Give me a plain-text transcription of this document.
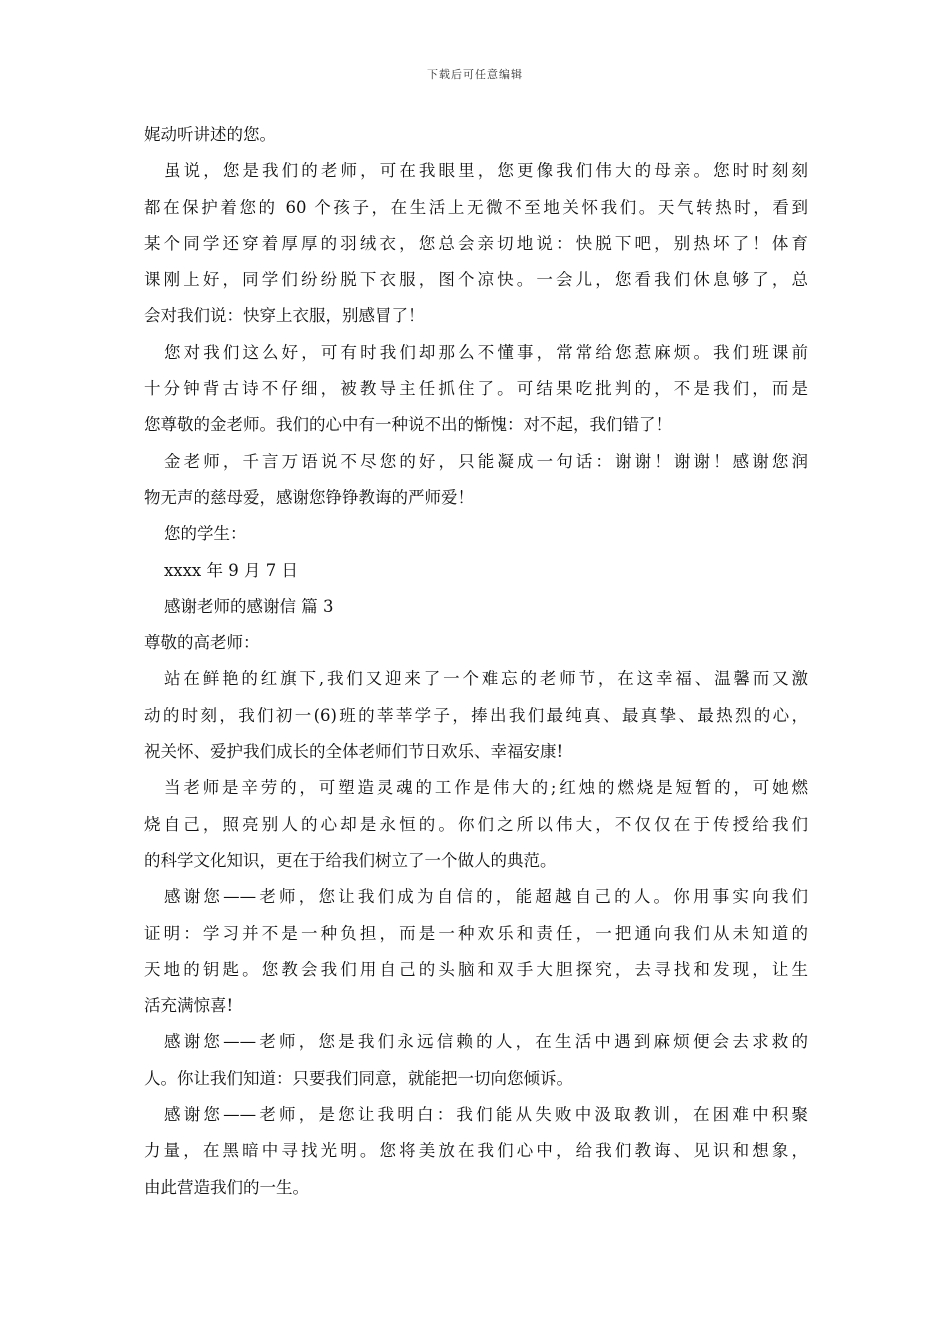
下载后可任意编辑
娓动听讲述的您。
虽说，您是我们的老师，可在我眼里，您更像我们伟大的母亲。您时时刻刻
都在保护着您的 60 个孩子，在生活上无微不至地关怀我们。天气转热时，看到
某个同学还穿着厚厚的羽绒衣，您总会亲切地说：快脱下吧，别热坏了！体育
课刚上好，同学们纷纷脱下衣服，图个凉快。一会儿，您看我们休息够了，总
会对我们说：快穿上衣服，别感冒了！
您对我们这么好，可有时我们却那么不懂事，常常给您惹麻烦。我们班课前
十分钟背古诗不仔细，被教导主任抓住了。可结果吃批判的，不是我们，而是
您尊敬的金老师。我们的心中有一种说不出的惭愧：对不起，我们错了！
金老师，千言万语说不尽您的好，只能凝成一句话：谢谢！谢谢！感谢您润
物无声的慈母爱，感谢您铮铮教诲的严师爱！
您的学生：
xxxx 年 9 月 7 日
感谢老师的感谢信 篇 3
尊敬的高老师：
站在鲜艳的红旗下,我们又迎来了一个难忘的老师节，在这幸福、温馨而又激
动的时刻，我们初一(6)班的莘莘学子，捧出我们最纯真、最真挚、最热烈的心，
祝关怀、爱护我们成长的全体老师们节日欢乐、幸福安康!
当老师是辛劳的，可塑造灵魂的工作是伟大的;红烛的燃烧是短暂的，可她燃
烧自己，照亮别人的心却是永恒的。你们之所以伟大，不仅仅在于传授给我们
的科学文化知识，更在于给我们树立了一个做人的典范。
感谢您——老师，您让我们成为自信的，能超越自己的人。你用事实向我们
证明：学习并不是一种负担，而是一种欢乐和责任，一把通向我们从未知道的
天地的钥匙。您教会我们用自己的头脑和双手大胆探究，去寻找和发现，让生
活充满惊喜!
感谢您——老师，您是我们永远信赖的人，在生活中遇到麻烦便会去求救的
人。你让我们知道：只要我们同意，就能把一切向您倾诉。
感谢您——老师，是您让我明白：我们能从失败中汲取教训，在困难中积聚
力量，在黑暗中寻找光明。您将美放在我们心中，给我们教诲、见识和想象，
由此营造我们的一生。
